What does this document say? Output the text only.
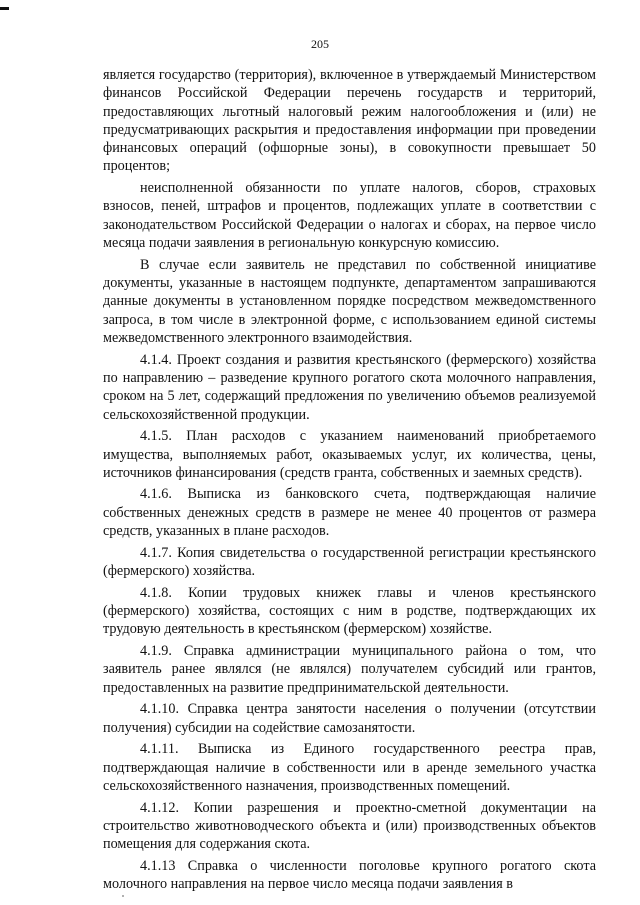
205

является государство (территория), включенное в утверждаемый Министерством финансов Российской Федерации перечень государств и территорий, предоставляющих льготный налоговый режим налогообложения и (или) не предусматривающих раскрытия и предоставления информации при проведении финансовых операций (офшорные зоны), в совокупности превышает 50 процентов;

неисполненной обязанности по уплате налогов, сборов, страховых взносов, пеней, штрафов и процентов, подлежащих уплате в соответствии с законодательством Российской Федерации о налогах и сборах, на первое число месяца подачи заявления в региональную конкурсную комиссию.

В случае если заявитель не представил по собственной инициативе документы, указанные в настоящем подпункте, департаментом запрашиваются данные документы в установленном порядке посредством межведомственного запроса, в том числе в электронной форме, с использованием единой системы межведомственного электронного взаимодействия.

4.1.4. Проект создания и развития крестьянского (фермерского) хозяйства по направлению – разведение крупного рогатого скота молочного направления, сроком на 5 лет, содержащий предложения по увеличению объемов реализуемой сельскохозяйственной продукции.

4.1.5. План расходов с указанием наименований приобретаемого имущества, выполняемых работ, оказываемых услуг, их количества, цены, источников финансирования (средств гранта, собственных и заемных средств).

4.1.6. Выписка из банковского счета, подтверждающая наличие собственных денежных средств в размере не менее 40 процентов от размера средств, указанных в плане расходов.

4.1.7. Копия свидетельства о государственной регистрации крестьянского (фермерского) хозяйства.

4.1.8. Копии трудовых книжек главы и членов крестьянского (фермерского) хозяйства, состоящих с ним в родстве, подтверждающих их трудовую деятельность в крестьянском (фермерском) хозяйстве.

4.1.9. Справка администрации муниципального района о том, что заявитель ранее являлся (не являлся) получателем субсидий или грантов, предоставленных на развитие предпринимательской деятельности.

4.1.10. Справка центра занятости населения о получении (отсутствии получения) субсидии на содействие самозанятости.

4.1.11. Выписка из Единого государственного реестра прав, подтверждающая наличие в собственности или в аренде земельного участка сельскохозяйственного назначения, производственных помещений.

4.1.12. Копии разрешения и проектно-сметной документации на строительство животноводческого объекта и (или) производственных объектов помещения для содержания скота.

4.1.13 Справка о численности поголовье крупного рогатого скота молочного направления на первое число месяца подачи заявления в
